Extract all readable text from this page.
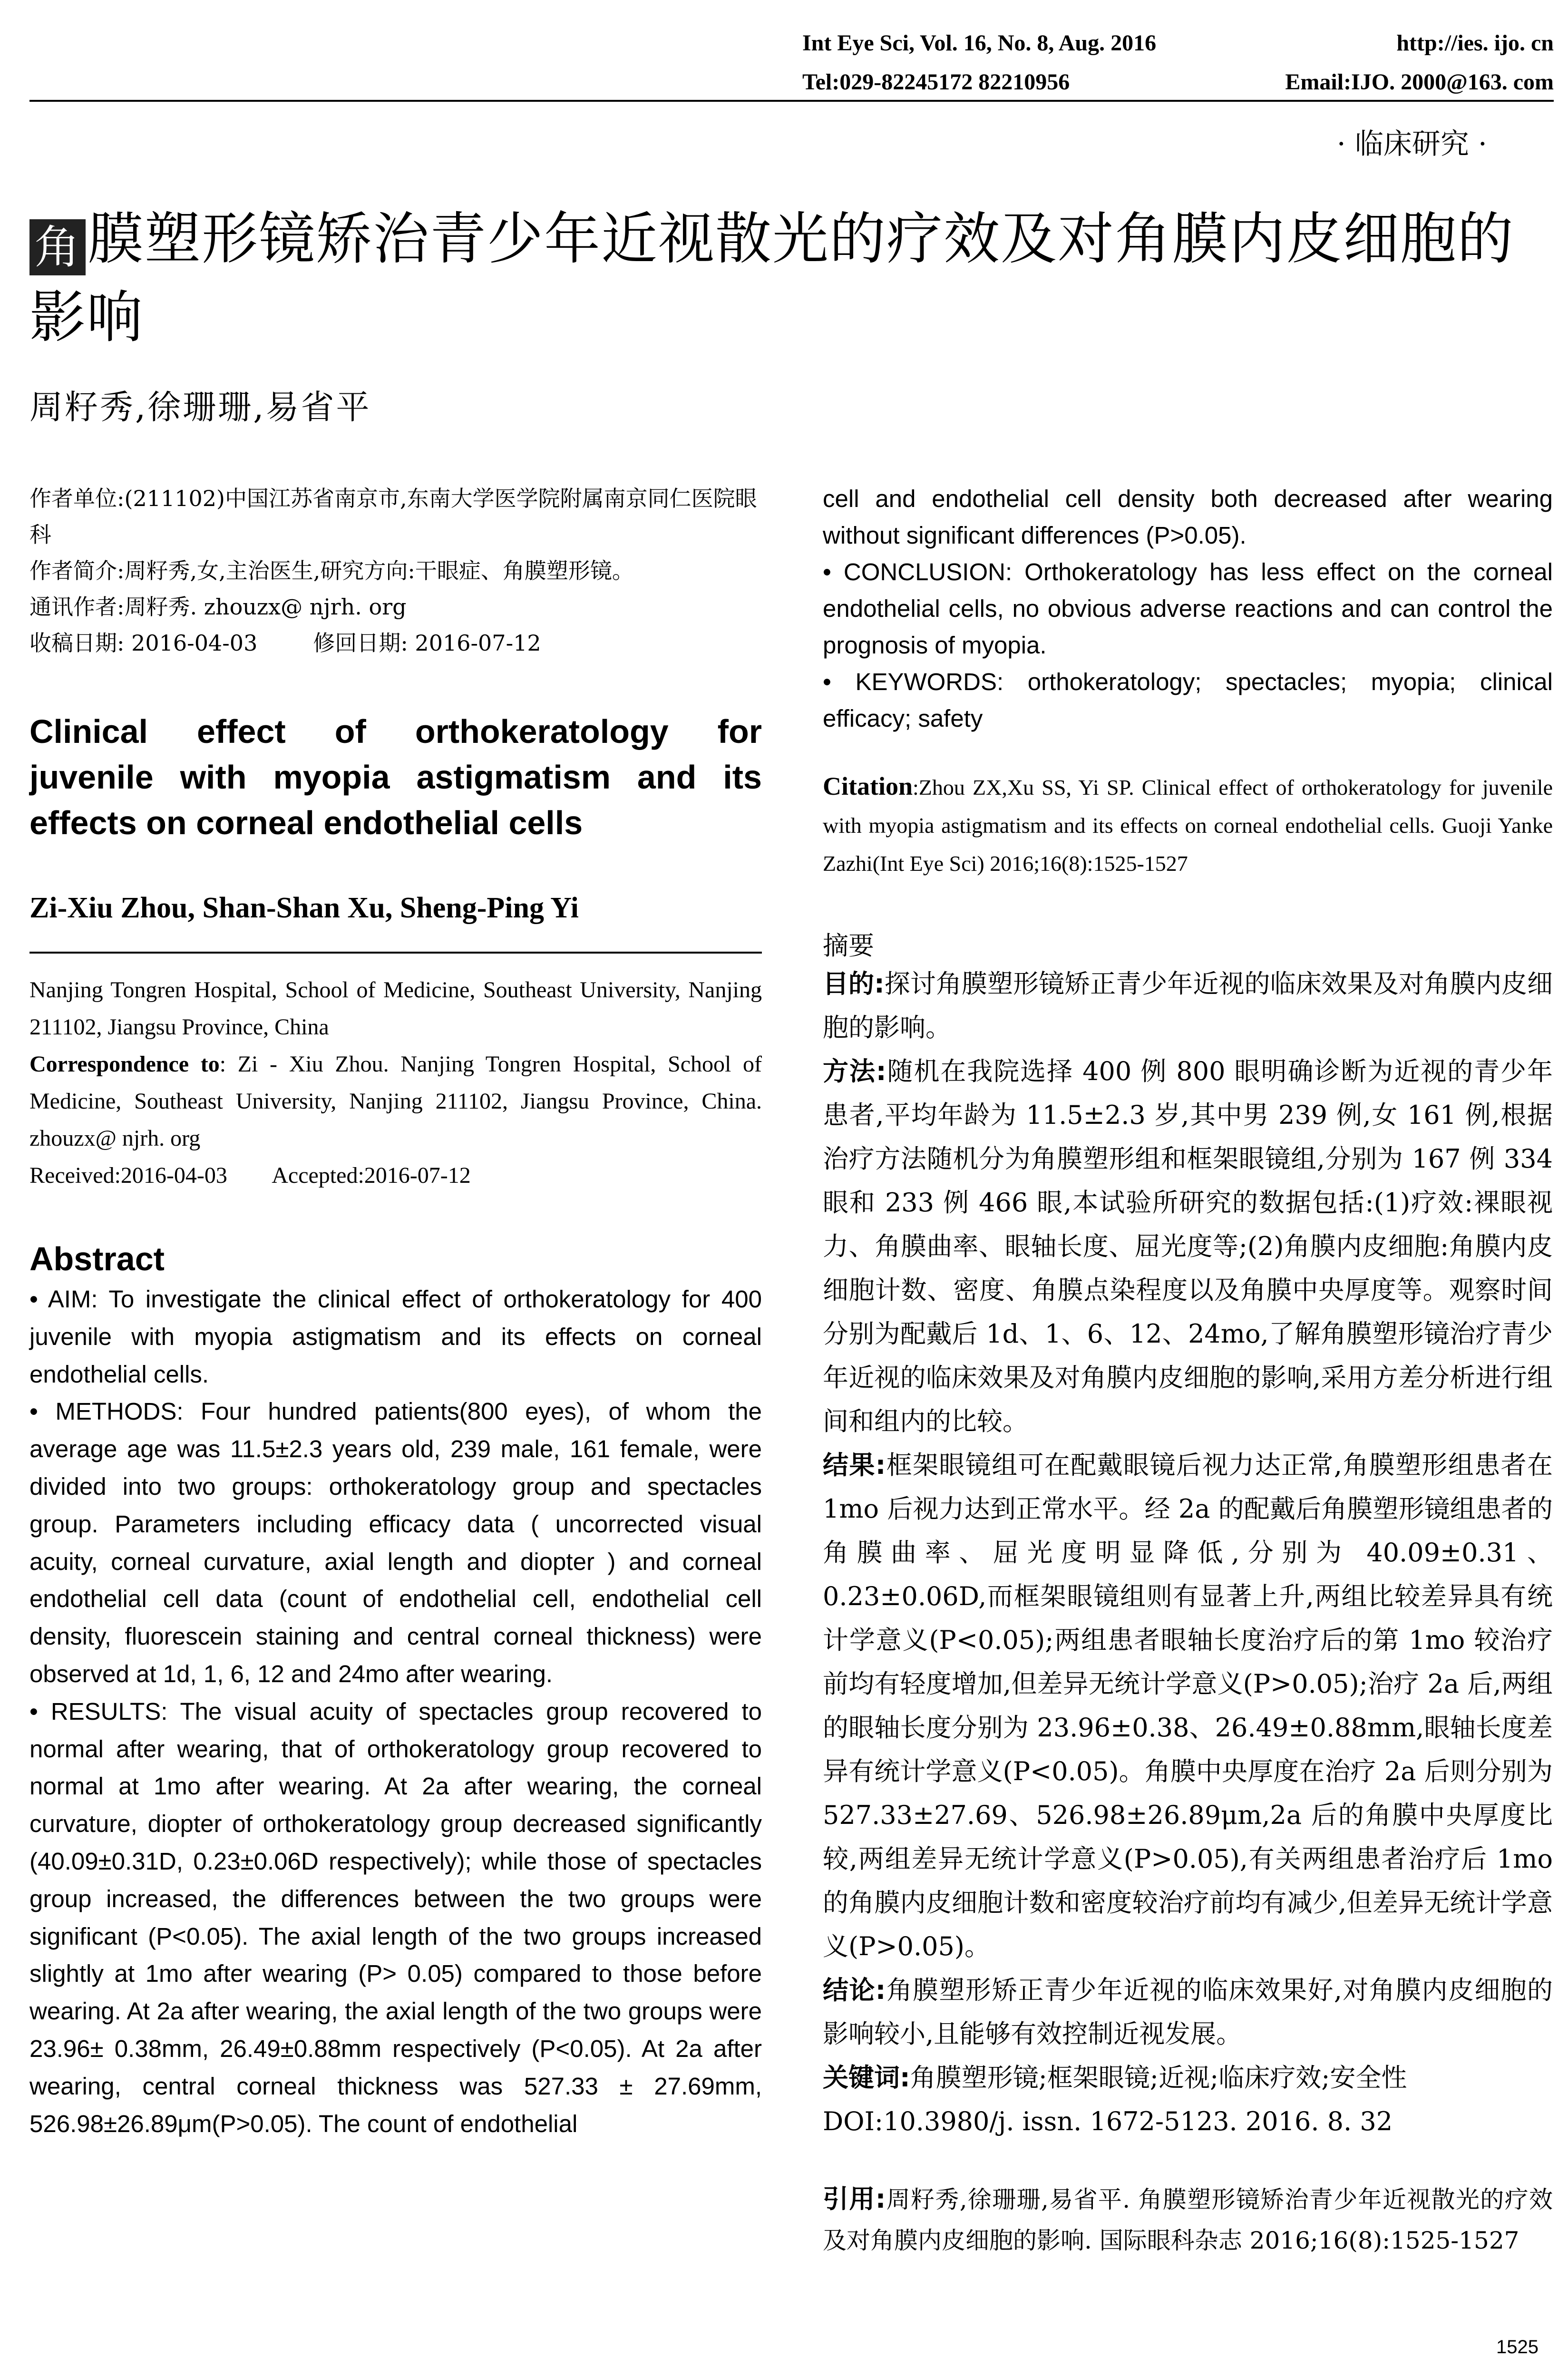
Int Eye Sci, Vol. 16, No. 8, Aug. 2016	http://ies. ijo. cn
Tel:029-82245172 82210956	Email:IJO. 2000@163. com
· 临床研究 ·
角 膜塑形镜矫治青少年近视散光的疗效及对角膜内皮细胞的影响
周籽秀,徐珊珊,易省平

作者单位:(211102)中国江苏省南京市,东南大学医学院附属南京同仁医院眼科

作者简介:周籽秀,女,主治医生,研究方向:干眼症、角膜塑形镜。

通讯作者:周籽秀. zhouzx@ njrh. org

收稿日期: 2016-04-03        修回日期: 2016-07-12

Clinical effect of orthokeratology for
juvenile with myopia astigmatism and its
effects on corneal endothelial cells
Zi-Xiu Zhou, Shan-Shan Xu, Sheng-Ping Yi
Nanjing Tongren Hospital, School of Medicine, Southeast University, Nanjing 211102, Jiangsu Province, China
Correspondence to: Zi - Xiu Zhou. Nanjing Tongren Hospital, School of Medicine, Southeast University, Nanjing 211102, Jiangsu Province, China. zhouzx@ njrh. org
Received:2016-04-03        Accepted:2016-07-12
Abstract

• AIM: To investigate the clinical effect of orthokeratology for 400 juvenile with myopia astigmatism and its effects on corneal endothelial cells.

• METHODS: Four hundred patients(800 eyes), of whom the average age was 11.5±2.3 years old, 239 male, 161 female, were divided into two groups: orthokeratology group and spectacles group. Parameters including efficacy data ( uncorrected visual acuity, corneal curvature, axial length and diopter ) and corneal endothelial cell data (count of endothelial cell, endothelial cell density, fluorescein staining and central corneal thickness) were observed at 1d, 1, 6, 12 and 24mo after wearing.

• RESULTS: The visual acuity of spectacles group recovered to normal after wearing, that of orthokeratology group recovered to normal at 1mo after wearing. At 2a after wearing, the corneal curvature, diopter of orthokeratology group decreased significantly (40.09±0.31D, 0.23±0.06D respectively); while those of spectacles group increased, the differences between the two groups were significant (P<0.05). The axial length of the two groups increased slightly at 1mo after wearing (P> 0.05) compared to those before wearing. At 2a after wearing, the axial length of the two groups were 23.96± 0.38mm, 26.49±0.88mm respectively (P<0.05). At 2a after wearing, central corneal thickness was 527.33 ± 27.69mm, 526.98±26.89μm(P>0.05). The count of endothelial

cell and endothelial cell density both decreased after wearing without significant differences (P>0.05).

• CONCLUSION: Orthokeratology has less effect on the corneal endothelial cells, no obvious adverse reactions and can control the prognosis of myopia.

• KEYWORDS: orthokeratology; spectacles; myopia; clinical efficacy; safety

Citation:Zhou ZX,Xu SS, Yi SP. Clinical effect of orthokeratology for juvenile with myopia astigmatism and its effects on corneal endothelial cells. Guoji Yanke Zazhi(Int Eye Sci) 2016;16(8):1525-1527
摘要

目的:探讨角膜塑形镜矫正青少年近视的临床效果及对角膜内皮细胞的影响。

方法:随机在我院选择 400 例 800 眼明确诊断为近视的青少年患者,平均年龄为 11.5±2.3 岁,其中男 239 例,女 161 例,根据治疗方法随机分为角膜塑形组和框架眼镜组,分别为 167 例 334 眼和 233 例 466 眼,本试验所研究的数据包括:(1)疗效:裸眼视力、角膜曲率、眼轴长度、屈光度等;(2)角膜内皮细胞:角膜内皮细胞计数、密度、角膜点染程度以及角膜中央厚度等。观察时间分别为配戴后 1d、1、6、12、24mo,了解角膜塑形镜治疗青少年近视的临床效果及对角膜内皮细胞的影响,采用方差分析进行组间和组内的比较。

结果:框架眼镜组可在配戴眼镜后视力达正常,角膜塑形组患者在 1mo 后视力达到正常水平。经 2a 的配戴后角膜塑形镜组患者的角膜曲率、屈光度明显降低,分别为 40.09±0.31、0.23±0.06D,而框架眼镜组则有显著上升,两组比较差异具有统计学意义(P<0.05);两组患者眼轴长度治疗后的第 1mo 较治疗前均有轻度增加,但差异无统计学意义(P>0.05);治疗 2a 后,两组的眼轴长度分别为 23.96±0.38、26.49±0.88mm,眼轴长度差异有统计学意义(P<0.05)。角膜中央厚度在治疗 2a 后则分别为 527.33±27.69、526.98±26.89μm,2a 后的角膜中央厚度比较,两组差异无统计学意义(P>0.05),有关两组患者治疗后 1mo 的角膜内皮细胞计数和密度较治疗前均有减少,但差异无统计学意义(P>0.05)。

结论:角膜塑形矫正青少年近视的临床效果好,对角膜内皮细胞的影响较小,且能够有效控制近视发展。

关键词:角膜塑形镜;框架眼镜;近视;临床疗效;安全性

DOI:10.3980/j. issn. 1672-5123. 2016. 8. 32

引用:周籽秀,徐珊珊,易省平. 角膜塑形镜矫治青少年近视散光的疗效及对角膜内皮细胞的影响. 国际眼科杂志 2016;16(8):1525-1527
1525
